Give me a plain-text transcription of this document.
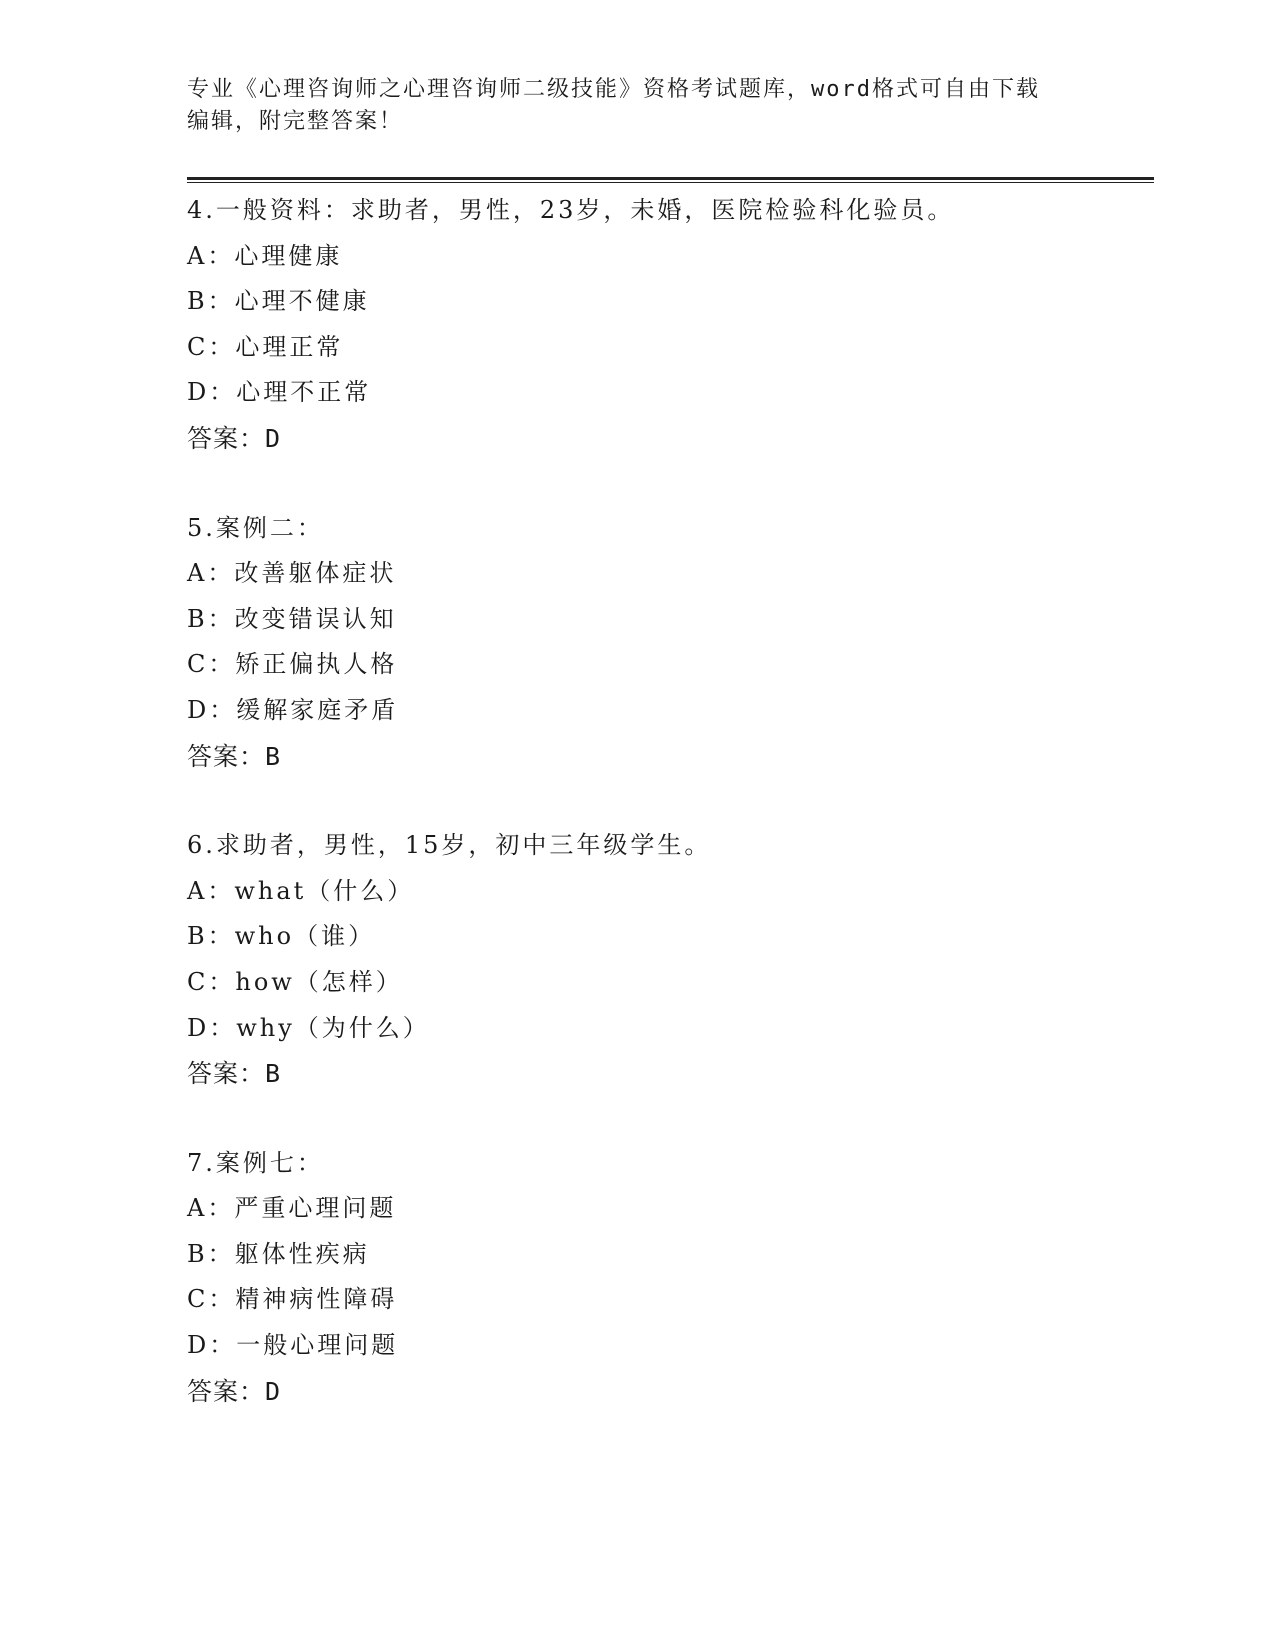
专业《心理咨询师之心理咨询师二级技能》资格考试题库，word格式可自由下载
编辑，附完整答案！
4.一般资料：求助者，男性，23岁，未婚，医院检验科化验员。
A：心理健康
B：心理不健康
C：心理正常
D：心理不正常
答案：D
5.案例二：
A：改善躯体症状
B：改变错误认知
C：矫正偏执人格
D：缓解家庭矛盾
答案：B
6.求助者，男性，15岁，初中三年级学生。
A：what（什么）
B：who（谁）
C：how（怎样）
D：why（为什么）
答案：B
7.案例七：
A：严重心理问题
B：躯体性疾病
C：精神病性障碍
D：一般心理问题
答案：D
